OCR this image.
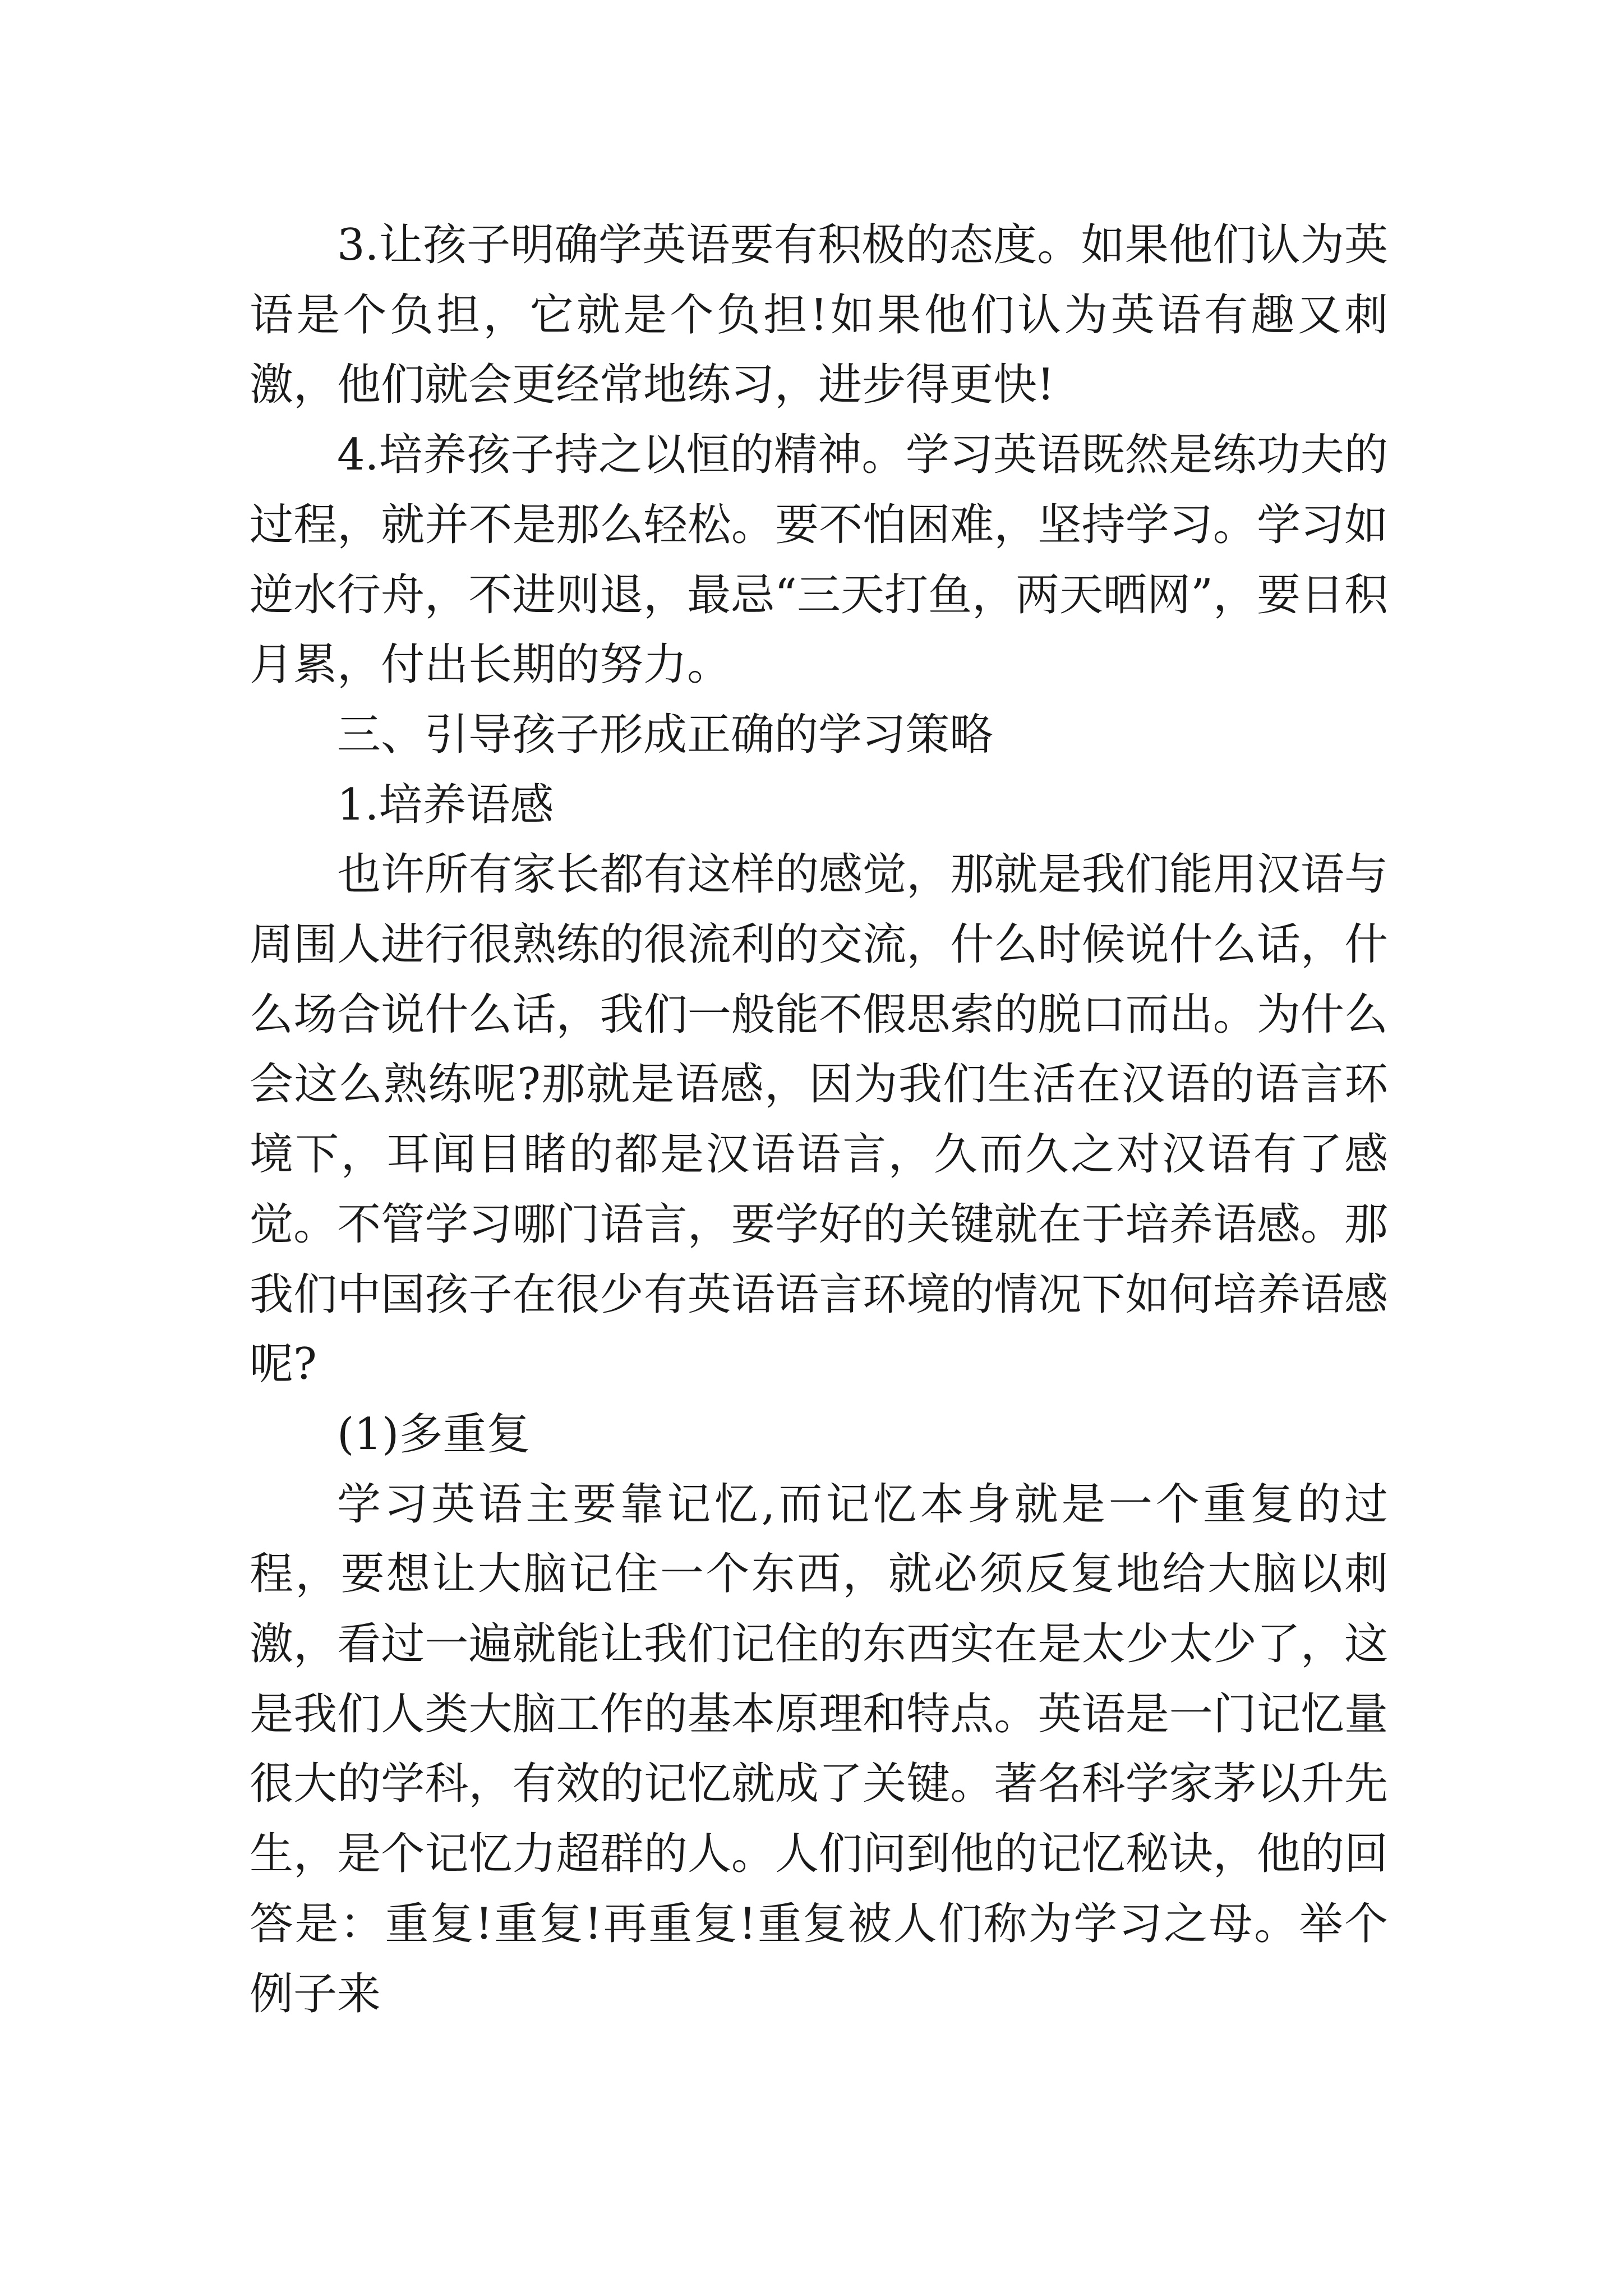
3.让孩子明确学英语要有积极的态度。如果他们认为英语是个负担，它就是个负担!如果他们认为英语有趣又刺激，他们就会更经常地练习，进步得更快!

4.培养孩子持之以恒的精神。学习英语既然是练功夫的过程，就并不是那么轻松。要不怕困难，坚持学习。学习如逆水行舟，不进则退，最忌“三天打鱼，两天晒网”，要日积月累，付出长期的努力。

三、引导孩子形成正确的学习策略

1.培养语感

也许所有家长都有这样的感觉，那就是我们能用汉语与周围人进行很熟练的很流利的交流，什么时候说什么话，什么场合说什么话，我们一般能不假思索的脱口而出。为什么会这么熟练呢?那就是语感，因为我们生活在汉语的语言环境下，耳闻目睹的都是汉语语言，久而久之对汉语有了感觉。不管学习哪门语言，要学好的关键就在于培养语感。那我们中国孩子在很少有英语语言环境的情况下如何培养语感呢?

(1)多重复

学习英语主要靠记忆,而记忆本身就是一个重复的过程，要想让大脑记住一个东西，就必须反复地给大脑以刺激，看过一遍就能让我们记住的东西实在是太少太少了，这是我们人类大脑工作的基本原理和特点。英语是一门记忆量很大的学科，有效的记忆就成了关键。著名科学家茅以升先生，是个记忆力超群的人。人们问到他的记忆秘诀，他的回答是：重复!重复!再重复!重复被人们称为学习之母。举个例子来
